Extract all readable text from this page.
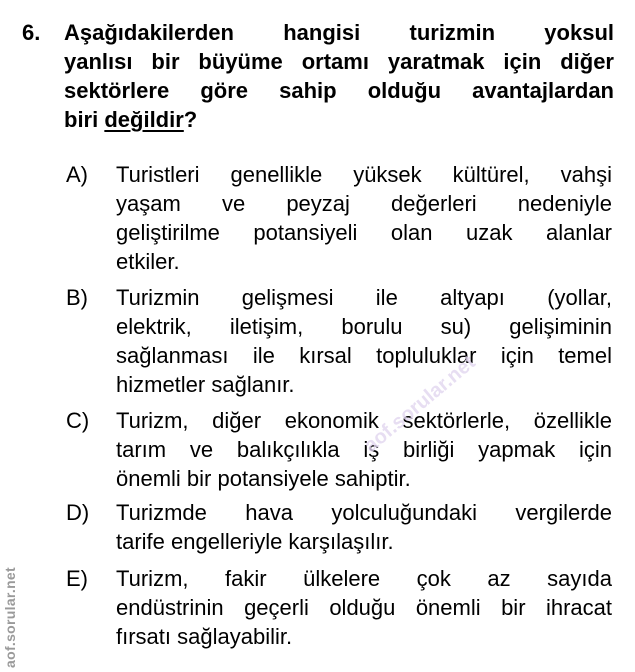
6. Aşağıdakilerden hangisi turizmin yoksul
yanlısı bir büyüme ortamı yaratmak için diğer
sektörlere göre sahip olduğu avantajlardan
biri değildir?
A) Turistleri genellikle yüksek kültürel, vahşi
yaşam ve peyzaj değerleri nedeniyle
geliştirilme potansiyeli olan uzak alanlar
etkiler.
B) Turizmin gelişmesi ile altyapı (yollar,
elektrik, iletişim, borulu su) gelişiminin
sağlanması ile kırsal topluluklar için temel
hizmetler sağlanır.
C) Turizm, diğer ekonomik sektörlerle, özellikle
tarım ve balıkçılıkla iş birliği yapmak için
önemli bir potansiyele sahiptir.
D) Turizmde hava yolculuğundaki vergilerde
tarife engelleriyle karşılaşılır.
E) Turizm, fakir ülkelere çok az sayıda
endüstrinin geçerli olduğu önemli bir ihracat
fırsatı sağlayabilir.
aof.sorular.net
aof.sorular.net
